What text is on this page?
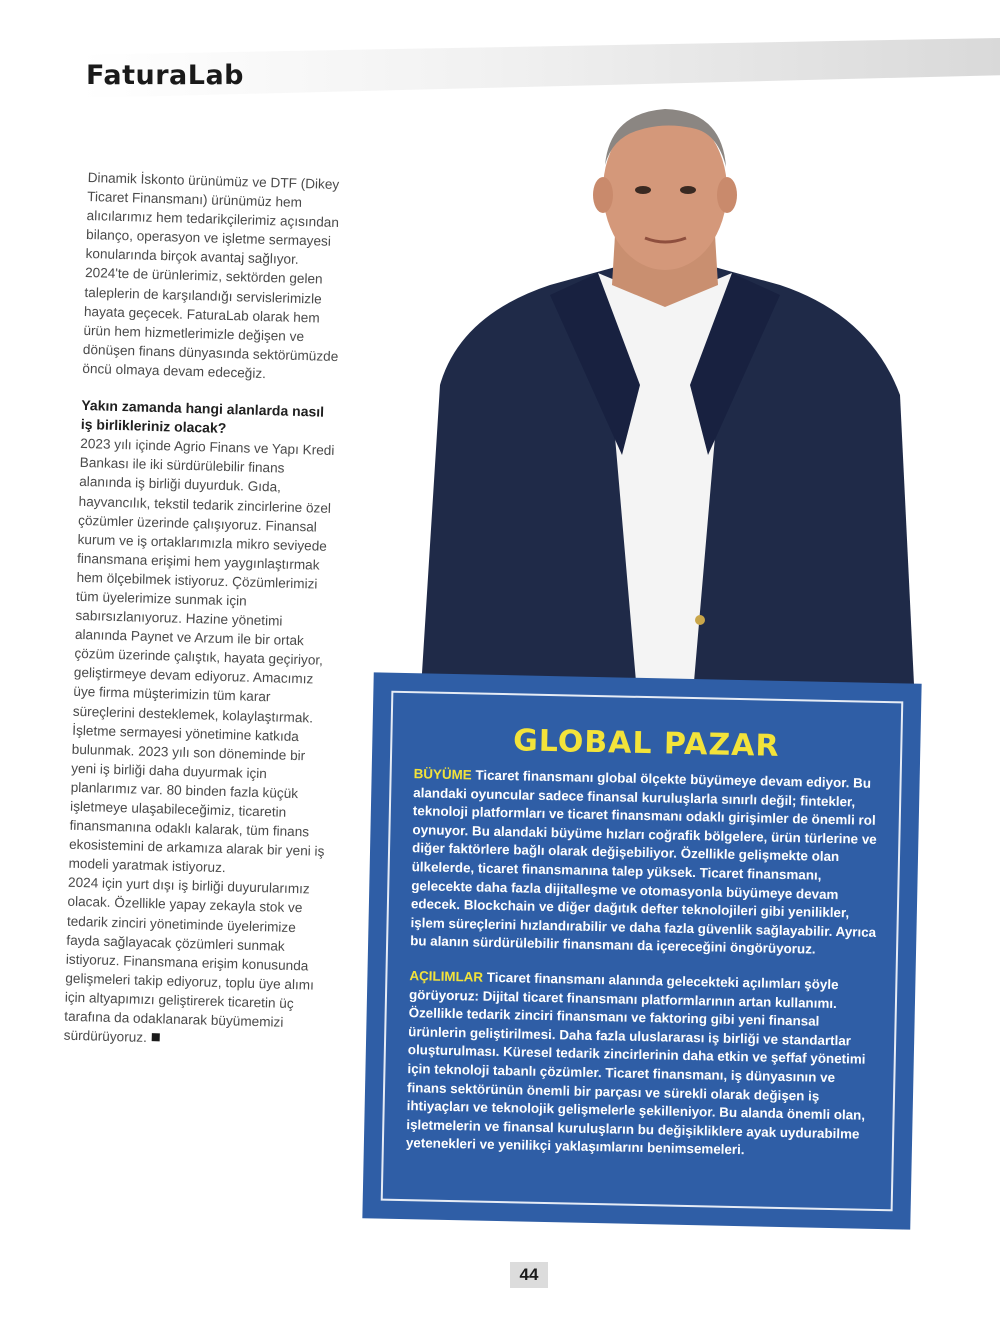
FaturaLab

Dinamik İskonto ürünümüz ve DTF (Dikey Ticaret Finansmanı) ürünümüz hem alıcılarımız hem tedarikçilerimiz açısından bilanço, operasyon ve işletme sermayesi konularında birçok avantaj sağlıyor. 2024'te de ürünlerimiz, sektörden gelen taleplerin de karşılandığı servislerimizle hayata geçecek. FaturaLab olarak hem ürün hem hizmetlerimizle değişen ve dönüşen finans dünyasında sektörümüzde öncü olmaya devam edeceğiz.

Yakın zamanda hangi alanlarda nasıl iş birlikleriniz olacak?

2023 yılı içinde Agrio Finans ve Yapı Kredi Bankası ile iki sürdürülebilir finans alanında iş birliği duyurduk. Gıda, hayvancılık, tekstil tedarik zincirlerine özel çözümler üzerinde çalışıyoruz. Finansal kurum ve iş ortaklarımızla mikro seviyede finansmana erişimi hem yaygınlaştırmak hem ölçebilmek istiyoruz. Çözümlerimizi tüm üyelerimize sunmak için sabırsızlanıyoruz. Hazine yönetimi alanında Paynet ve Arzum ile bir ortak çözüm üzerinde çalıştık, hayata geçiriyor, geliştirmeye devam ediyoruz. Amacımız üye firma müşterimizin tüm karar süreçlerini desteklemek, kolaylaştırmak. İşletme sermayesi yönetimine katkıda bulunmak. 2023 yılı son döneminde bir yeni iş birliği daha duyurmak için planlarımız var. 80 binden fazla küçük işletmeye ulaşabileceğimiz, ticaretin finansmanına odaklı kalarak, tüm finans ekosistemini de arkamıza alarak bir yeni iş modeli yaratmak istiyoruz.

2024 için yurt dışı iş birliği duyurularımız olacak. Özellikle yapay zekayla stok ve tedarik zinciri yönetiminde üyelerimize fayda sağlayacak çözümleri sunmak istiyoruz. Finansmana erişim konusunda gelişmeleri takip ediyoruz, toplu üye alımı için altyapımızı geliştirerek ticaretin üç tarafına da odaklanarak büyümemizi sürdürüyoruz.

GLOBAL PAZAR

BÜYÜME Ticaret finansmanı global ölçekte büyümeye devam ediyor. Bu alandaki oyuncular sadece finansal kuruluşlarla sınırlı değil; fintekler, teknoloji platformları ve ticaret finansmanı odaklı girişimler de önemli rol oynuyor. Bu alandaki büyüme hızları coğrafik bölgelere, ürün türlerine ve diğer faktörlere bağlı olarak değişebiliyor. Özellikle gelişmekte olan ülkelerde, ticaret finansmanına talep yüksek. Ticaret finansmanı, gelecekte daha fazla dijitalleşme ve otomasyonla büyümeye devam edecek. Blockchain ve diğer dağıtık defter teknolojileri gibi yenilikler, işlem süreçlerini hızlandırabilir ve daha fazla güvenlik sağlayabilir. Ayrıca bu alanın sürdürülebilir finansmanı da içereceğini öngörüyoruz.

AÇILIMLAR Ticaret finansmanı alanında gelecekteki açılımları şöyle görüyoruz: Dijital ticaret finansmanı platformlarının artan kullanımı. Özellikle tedarik zinciri finansmanı ve faktoring gibi yeni finansal ürünlerin geliştirilmesi. Daha fazla uluslararası iş birliği ve standartlar oluşturulması. Küresel tedarik zincirlerinin daha etkin ve şeffaf yönetimi için teknoloji tabanlı çözümler. Ticaret finansmanı, iş dünyasının ve finans sektörünün önemli bir parçası ve sürekli olarak değişen iş ihtiyaçları ve teknolojik gelişmelerle şekilleniyor. Bu alanda önemli olan, işletmelerin ve finansal kuruluşların bu değişikliklere ayak uydurabilme yetenekleri ve yenilikçi yaklaşımlarını benimsemeleri.

44
